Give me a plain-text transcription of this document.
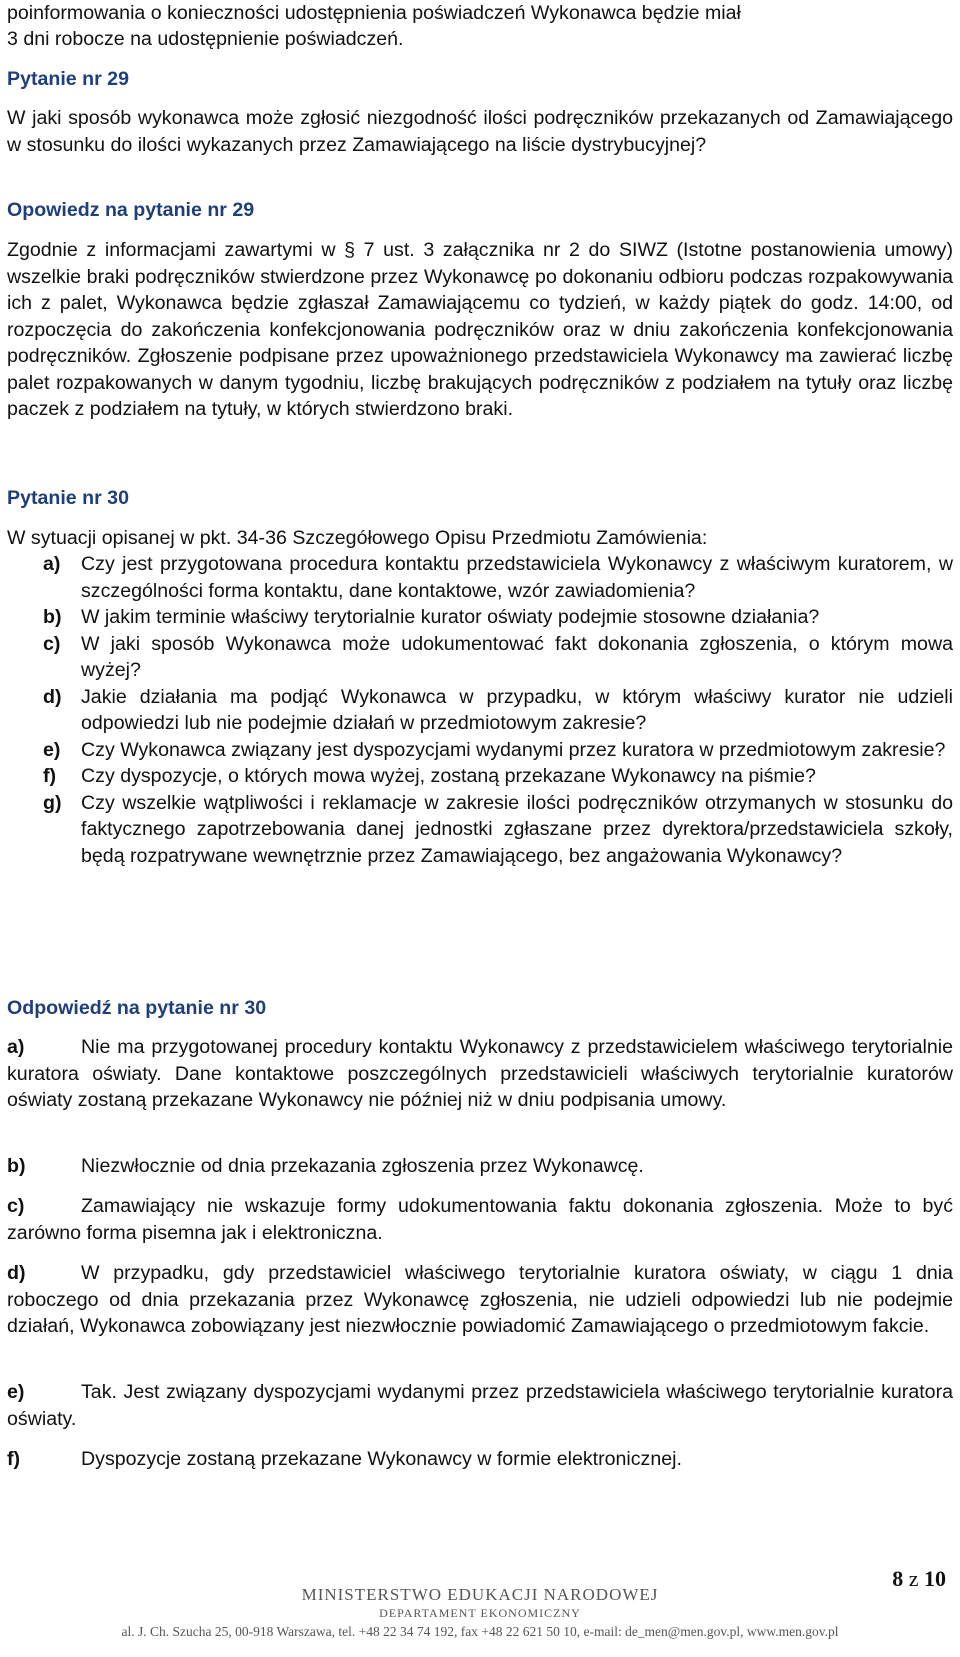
poinformowania o konieczności udostępnienia poświadczeń Wykonawca będzie miał

3 dni robocze na udostępnienie poświadczeń.

Pytanie nr 29

W jaki sposób wykonawca może zgłosić niezgodność ilości podręczników przekazanych od Zamawiającego w stosunku do ilości wykazanych przez Zamawiającego na liście dystrybucyjnej?

Opowiedz na pytanie nr 29

Zgodnie z informacjami zawartymi w § 7 ust. 3 załącznika nr 2 do SIWZ (Istotne postanowienia umowy) wszelkie braki podręczników stwierdzone przez Wykonawcę po dokonaniu odbioru podczas rozpakowywania ich z palet, Wykonawca będzie zgłaszał Zamawiającemu co tydzień, w każdy piątek do godz. 14:00, od rozpoczęcia do zakończenia konfekcjonowania podręczników oraz w dniu zakończenia konfekcjonowania podręczników. Zgłoszenie podpisane przez upoważnionego przedstawiciela Wykonawcy ma zawierać liczbę palet rozpakowanych w danym tygodniu, liczbę brakujących podręczników z podziałem na tytuły oraz liczbę paczek z podziałem na tytuły, w których stwierdzono braki.

Pytanie nr 30

W sytuacji opisanej w pkt. 34-36 Szczegółowego Opisu Przedmiotu Zamówienia:

a) Czy jest przygotowana procedura kontaktu przedstawiciela Wykonawcy z właściwym kuratorem, w szczególności forma kontaktu, dane kontaktowe, wzór zawiadomienia?

b) W jakim terminie właściwy terytorialnie kurator oświaty podejmie stosowne działania?

c) W jaki sposób Wykonawca może udokumentować fakt dokonania zgłoszenia, o którym mowa wyżej?

d) Jakie działania ma podjąć Wykonawca w przypadku, w którym właściwy kurator nie udzieli odpowiedzi lub nie podejmie działań w przedmiotowym zakresie?

e) Czy Wykonawca związany jest dyspozycjami wydanymi przez kuratora w przedmiotowym zakresie?

f) Czy dyspozycje, o których mowa wyżej, zostaną przekazane Wykonawcy na piśmie?

g) Czy wszelkie wątpliwości i reklamacje w zakresie ilości podręczników otrzymanych w stosunku do faktycznego zapotrzebowania danej jednostki zgłaszane przez dyrektora/przedstawiciela szkoły, będą rozpatrywane wewnętrznie przez Zamawiającego, bez angażowania Wykonawcy?

Odpowiedź na pytanie nr 30

a)	Nie ma przygotowanej procedury kontaktu Wykonawcy z przedstawicielem właściwego terytorialnie kuratora oświaty. Dane kontaktowe poszczególnych przedstawicieli właściwych terytorialnie kuratorów oświaty zostaną przekazane Wykonawcy nie później niż w dniu podpisania umowy.

b)	Niezwłocznie od dnia przekazania zgłoszenia przez Wykonawcę.

c)	Zamawiający nie wskazuje formy udokumentowania faktu dokonania zgłoszenia. Może to być zarówno forma pisemna jak i elektroniczna.

d)	W przypadku, gdy przedstawiciel właściwego terytorialnie kuratora oświaty, w ciągu 1 dnia roboczego od dnia przekazania przez Wykonawcę zgłoszenia, nie udzieli odpowiedzi lub nie podejmie działań, Wykonawca zobowiązany jest niezwłocznie powiadomić Zamawiającego o przedmiotowym fakcie.

e)	Tak. Jest związany dyspozycjami wydanymi przez przedstawiciela właściwego terytorialnie kuratora oświaty.

f)	Dyspozycje zostaną przekazane Wykonawcy w formie elektronicznej.

8 z 10
MINISTERSTWO EDUKACJI NARODOWEJ
DEPARTAMENT EKONOMICZNY
al. J. Ch. Szucha 25, 00-918 Warszawa, tel. +48 22 34 74 192, fax +48 22 621 50 10, e-mail: de_men@men.gov.pl, www.men.gov.pl
